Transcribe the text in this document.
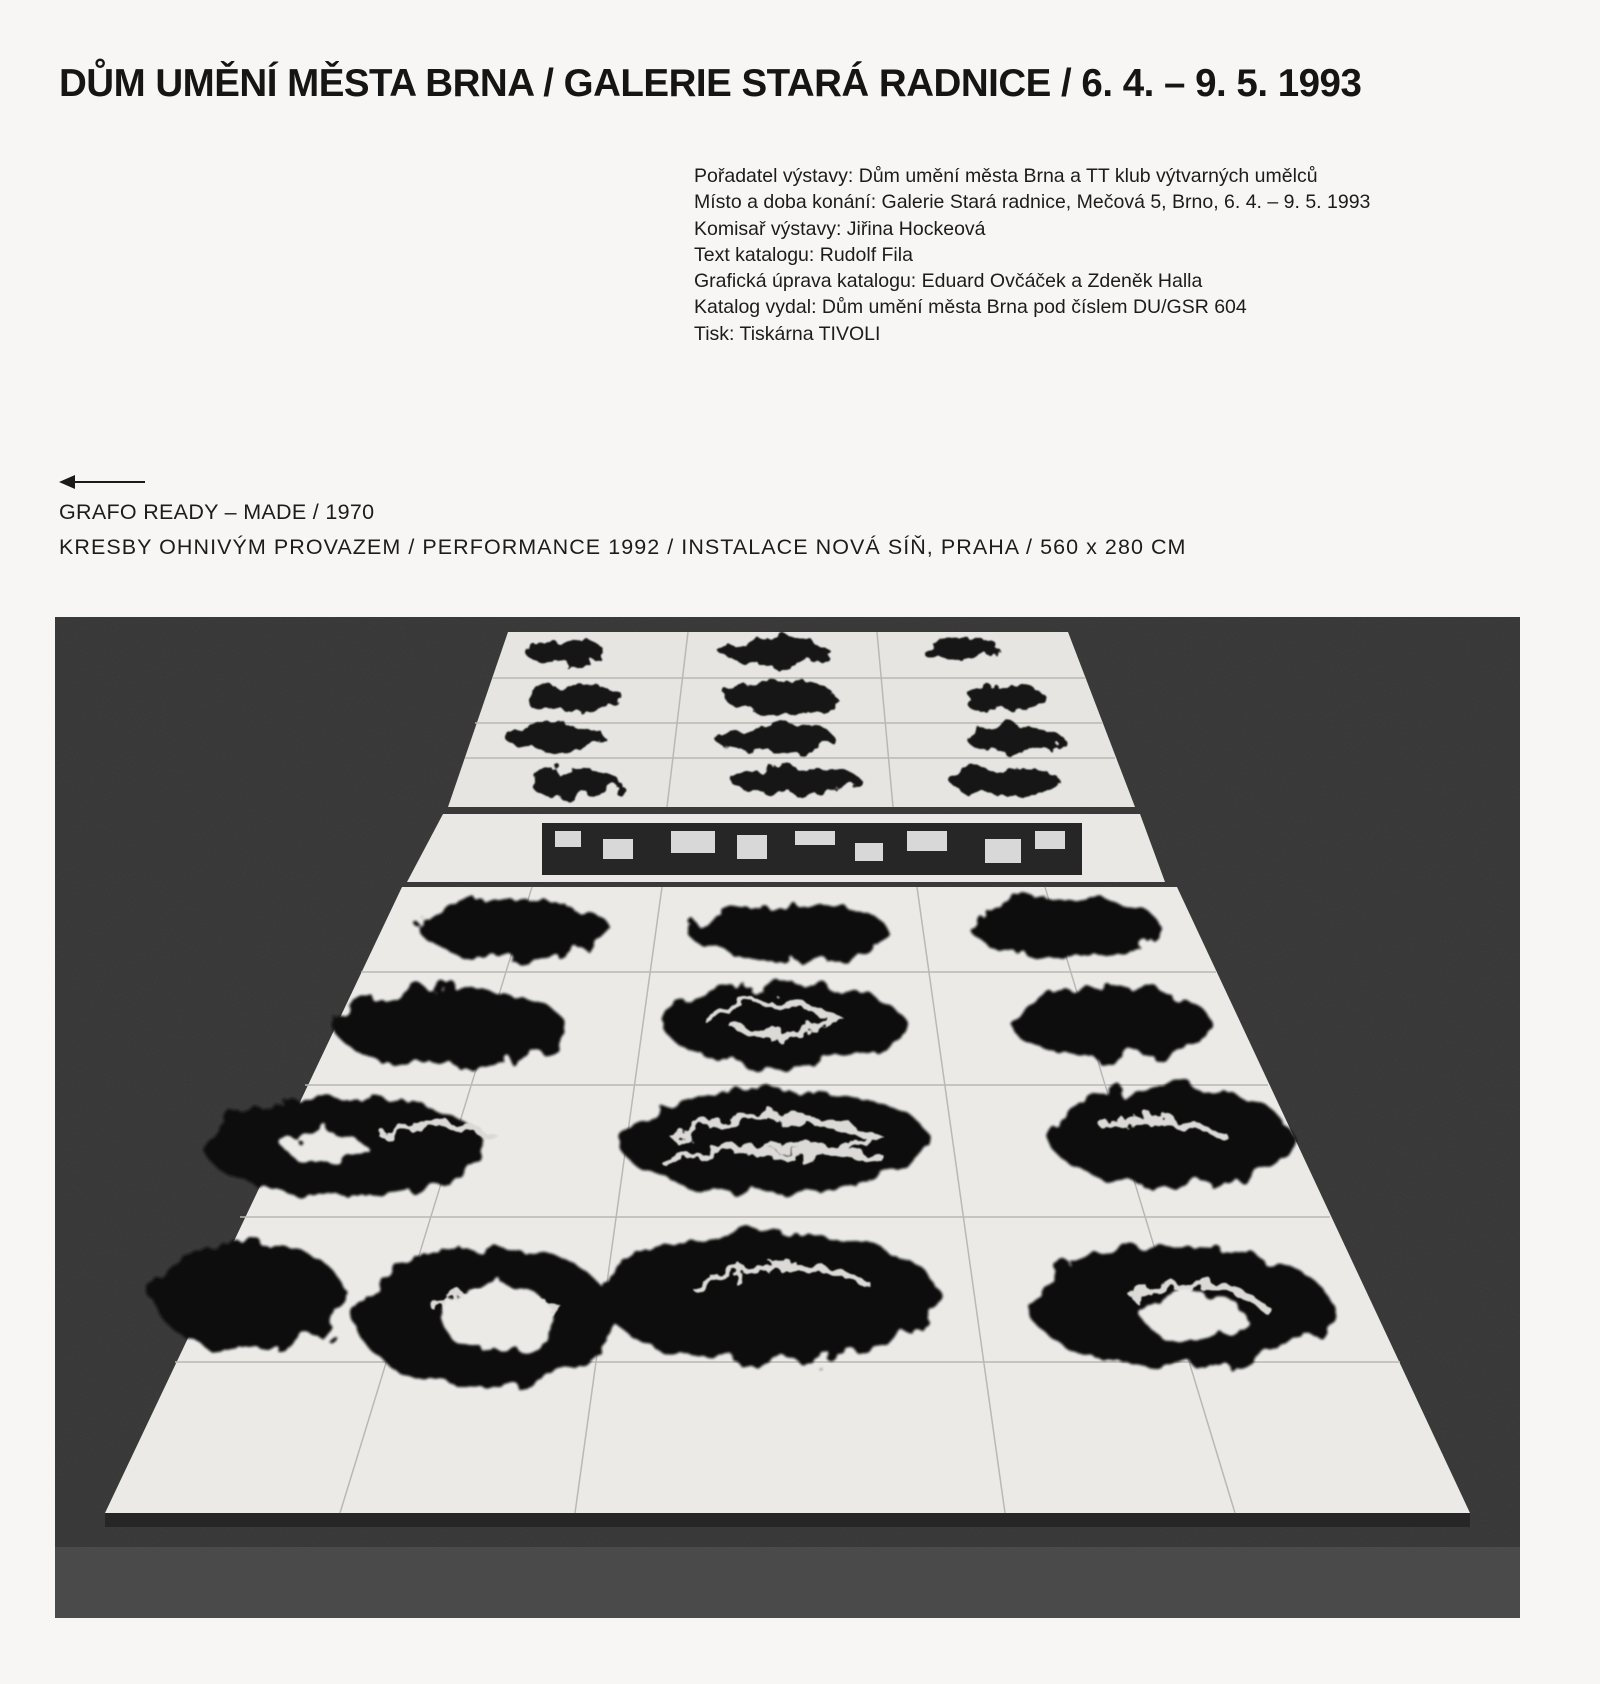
DŮM UMĚNÍ MĚSTA BRNA / GALERIE STARÁ RADNICE / 6. 4. – 9. 5. 1993
Pořadatel výstavy: Dům umění města Brna a TT klub výtvarných umělců
Místo a doba konání: Galerie Stará radnice, Mečová 5, Brno, 6. 4. – 9. 5. 1993
Komisař výstavy: Jiřina Hockeová
Text katalogu: Rudolf Fila
Grafická úprava katalogu: Eduard Ovčáček a Zdeněk Halla
Katalog vydal: Dům umění města Brna pod číslem DU/GSR 604
Tisk: Tiskárna TIVOLI
GRAFO READY – MADE / 1970
KRESBY OHNIVÝM PROVAZEM / PERFORMANCE 1992 / INSTALACE NOVÁ SÍŇ, PRAHA / 560 x 280 CM
